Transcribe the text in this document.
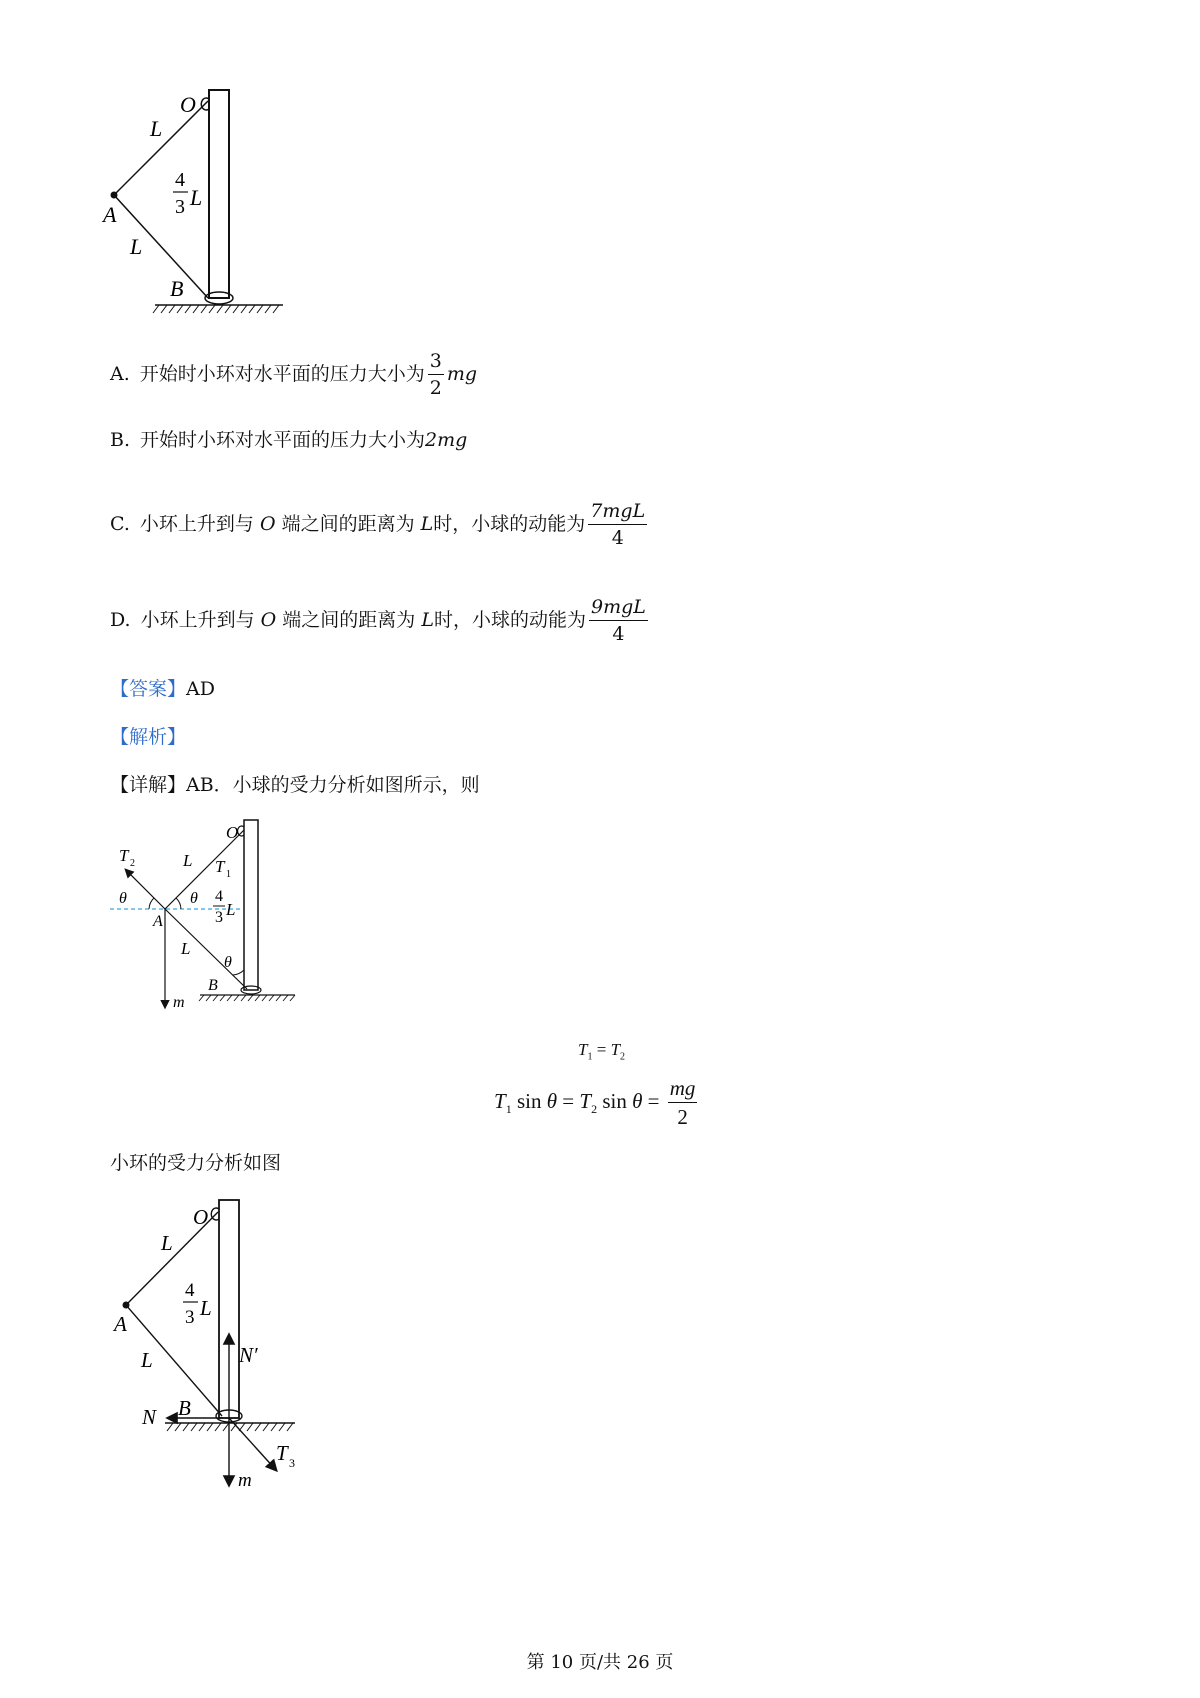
O
L
A
L
B
4
3 L
A. 开始时小环对水平面的压力大小为 $\frac{3}{2}$ mg
B. 开始时小环对水平面的压力大小为2mg
C. 小环上升到与 O 端之间的距离为 L时，小球的动能为 $\frac{\text{7mgL}}{4}$
D. 小环上升到与 O 端之间的距离为 L时，小球的动能为 $\frac{\text{9mgL}}{4}$
【答案】AD
【解析】
【详解】AB．小球的受力分析如图所示，则
T 2	L
O
T 1
θ	θ 4
3 L
A
L
θ
B
m
$T_1 = T_2$
$T_1$ $\sin \theta = T_2$ $\sin \theta = \frac{mg}{2}$
小环的受力分析如图
O
L
A
L
4
3 L
N′
N B
T 3
m
第 10 页/共 26 页
